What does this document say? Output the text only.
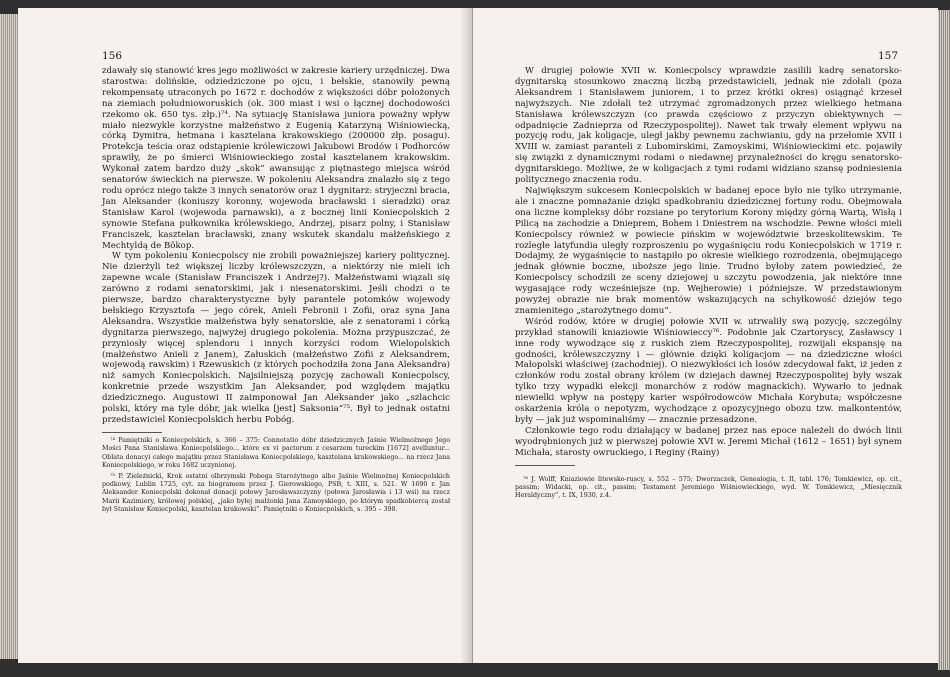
156

zdawały się stanowić kres jego możliwości w zakresie kariery urzędniczej. Dwa starostwa: dolińskie, odziedziczone po ojcu, i bełskie, stanowiły pewną rekompensatę utraconych po 1672 r. dochodów z większości dóbr położonych na ziemiach południoworuskich (ok. 300 miast i wsi o łącznej dochodowości rzekomo ok. 650 tys. złp.)⁷⁴. Na sytuację Stanisława juniora poważny wpływ miało niezwykle korzystne małżeństwo z Eugenią Katarzyną Wiśniowiecką, córką Dymitra, hetmana i kasztelana krakowskiego (200000 złp. posagu). Protekcja teścia oraz odstąpienie królewiczowi Jakubowi Brodów i Podhorców sprawiły, że po śmierci Wiśniowieckiego został kasztelanem krakowskim. Wykonał zatem bardzo duży „skok” awansując z piętnastego miejsca wśród senatorów świeckich na pierwsze. W pokoleniu Aleksandra znalazło się z tego rodu oprócz niego także 3 innych senatorów oraz 1 dygnitarz: stryjeczni bracia, Jan Aleksander (koniuszy koronny, wojewoda bracławski i sieradzki) oraz Stanisław Karol (wojewoda parnawski), a z bocznej linii Koniecpolskich 2 synowie Stefana pułkownika królewskiego, Andrzej, pisarz polny, i Stanisław Franciszek, kasztelan bracławski, znany wskutek skandalu małżeńskiego z Mechtyldą de Bôkop.

W tym pokoleniu Koniecpolscy nie zrobili poważniejszej kariery politycznej. Nie dzierżyli też większej liczby królewszczyzn, a niektórzy nie mieli ich zapewne wcale (Stanisław Franciszek i Andrzej?). Małżeństwami wiązali się zarówno z rodami senatorskimi, jak i niesenatorskimi. Jeśli chodzi o te pierwsze, bardzo charakterystyczne były parantele potomków wojewody bełskiego Krzysztofa — jego córek, Anieli Febronii i Zofii, oraz syna Jana Aleksandra. Wszystkie małżeństwa były senatorskie, ale z senatorami i córką dygnitarza pierwszego, najwyżej drugiego pokolenia. Można przypuszczać, że przyniosły więcej splendoru i innych korzyści rodom Wielopolskich (małżeństwo Anieli z Janem), Załuskich (małżeństwo Zofii z Aleksandrem, wojewodą rawskim) i Rzewuskich (z których pochodziła żona Jana Aleksandra) niż samych Koniecpolskich. Najsilniejszą pozycję zachowali Koniecpolscy, konkretnie przede wszystkim Jan Aleksander, pod względem majątku dziedzicznego. Augustowi II zaimponował Jan Aleksander jako „szlachcic polski, który ma tyle dóbr, jak wielka [jest] Saksonia”⁷⁵. Był to jednak ostatni przedstawiciel Koniecpolskich herbu Pobóg.

⁷⁴ Pamiętniki o Koniecpolskich, s. 366 – 375: Connotatio dóbr dziedzicznych Jaśnie Wielmożnego Jego Mości Pana Stanisława Koniecpolskiego... które ex vi pactorum z cesarzem tureckim [1672] avelluntur... Oblata donacyi całego majątku przez Stanisława Koniecpolskiego, kasztelana krakowskiego... na rzecz Jana Koniecpolskiego, w roku 1682 uczynionej.

⁷⁵ P. Zieleźnicki, Krok ostatni olbrzymski Poboga Starożytnego albo Jaśnie Wielmożnej Koniecpolskich podkowy, Lublin 1725, cyt. za biogramem przez J. Gierowskiego, PSB, t. XIII, s. 521. W 1690 r. Jan Aleksander Koniecpolski dokonał donacji połowy Jarosławszczyzny (połowa Jarosławia i 13 wsi) na rzecz Marii Kazimiery, królowej polskiej, „jako byłej małżonki Jana Zamoyskiego, po którym spadkobiercą został był Stanisław Koniecpolski, kasztelan krakowski”. Pamiętniki o Koniecpolskich, s. 395 – 398.

157

W drugiej połowie XVII w. Koniecpolscy wprawdzie zasilili kadrę senatorsko-dygnitarską stosunkowo znaczną liczbą przedstawicieli, jednak nie zdołali (poza Aleksandrem i Stanisławem juniorem, i to przez krótki okres) osiągnąć krzeseł najwyższych. Nie zdołali też utrzymać zgromadzonych przez wielkiego hetmana Stanisława królewszczyzn (co prawda częściowo z przyczyn obiektywnych — odpadnięcie Zadnieprza od Rzeczypospolitej). Nawet tak trwały element wpływu na pozycję rodu, jak koligacje, uległ jakby pewnemu zachwianiu, gdy na przełomie XVII i XVIII w. zamiast paranteli z Lubomirskimi, Zamoyskimi, Wiśniowieckimi etc. pojawiły się związki z dynamicznymi rodami o niedawnej przynależności do kręgu senatorsko-dygnitarskiego. Możliwe, że w koligacjach z tymi rodami widziano szansę podniesienia politycznego znaczenia rodu.

Największym sukcesem Koniecpolskich w badanej epoce było nie tylko utrzymanie, ale i znaczne pomnażanie dzięki spadkobraniu dziedzicznej fortuny rodu. Obejmowała ona liczne kompleksy dóbr rozsiane po terytorium Korony między górną Wartą, Wisłą i Pilicą na zachodzie a Dnieprem, Bohem i Dniestrem na wschodzie. Pewne włości mieli Koniecpolscy również w powiecie pińskim w województwie brzeskolitewskim. Te rozległe latyfundia uległy rozproszeniu po wygaśnięciu rodu Koniecpolskich w 1719 r. Dodajmy, że wygaśnięcie to nastąpiło po okresie wielkiego rozrodzenia, obejmującego jednak głównie boczne, uboższe jego linie. Trudno byłoby zatem powiedzieć, że Koniecpolscy schodzili ze sceny dziejowej u szczytu powodzenia, jak niektóre inne wygasające rody wcześniejsze (np. Wejherowie) i późniejsze. W przedstawionym powyżej obrazie nie brak momentów wskazujących na schyłkowość dziejów tego znamienitego „starożytnego domu”.

Wśród rodów, które w drugiej połowie XVII w. utrwaliły swą pozycję, szczególny przykład stanowili kniaziowie Wiśniowieccy⁷⁶. Podobnie jak Czartoryscy, Zasławscy i inne rody wywodzące się z ruskich ziem Rzeczypospolitej, rozwijali ekspansję na godności, królewszczyzny i — głównie dzięki koligacjom — na dziedziczne włości Małopolski właściwej (zachodniej). O niezwykłości ich losów zdecydował fakt, iż jeden z członków rodu został obrany królem (w dziejach dawnej Rzeczypospolitej były wszak tylko trzy wypadki elekcji monarchów z rodów magnackich). Wywarło to jednak niewielki wpływ na postępy karier współrodowców Michała Korybuta; współczesne oskarżenia króla o nepotyzm, wychodzące z opozycyjnego obozu tzw. malkontentów, były — jak już wspominaliśmy — znacznie przesadzone.

Członkowie tego rodu działający w badanej przez nas epoce należeli do dwóch linii wyodrębnionych już w pierwszej połowie XVI w. Jeremi Michał (1612 – 1651) był synem Michała, starosty owruckiego, i Reginy (Rainy)

⁷⁶ J. Wolff, Kniaziowie litewsko-ruscy, s. 552 – 575; Dworzaczek, Genealogia, t. II, tabl. 176; Tomkiewicz, op. cit., passim; Widacki, op. cit., passim; Testament Jeremiego Wiśniowieckiego, wyd. W. Tomkiewicz, „Miesięcznik Heraldyczny”, t. IX, 1930, z.4.
